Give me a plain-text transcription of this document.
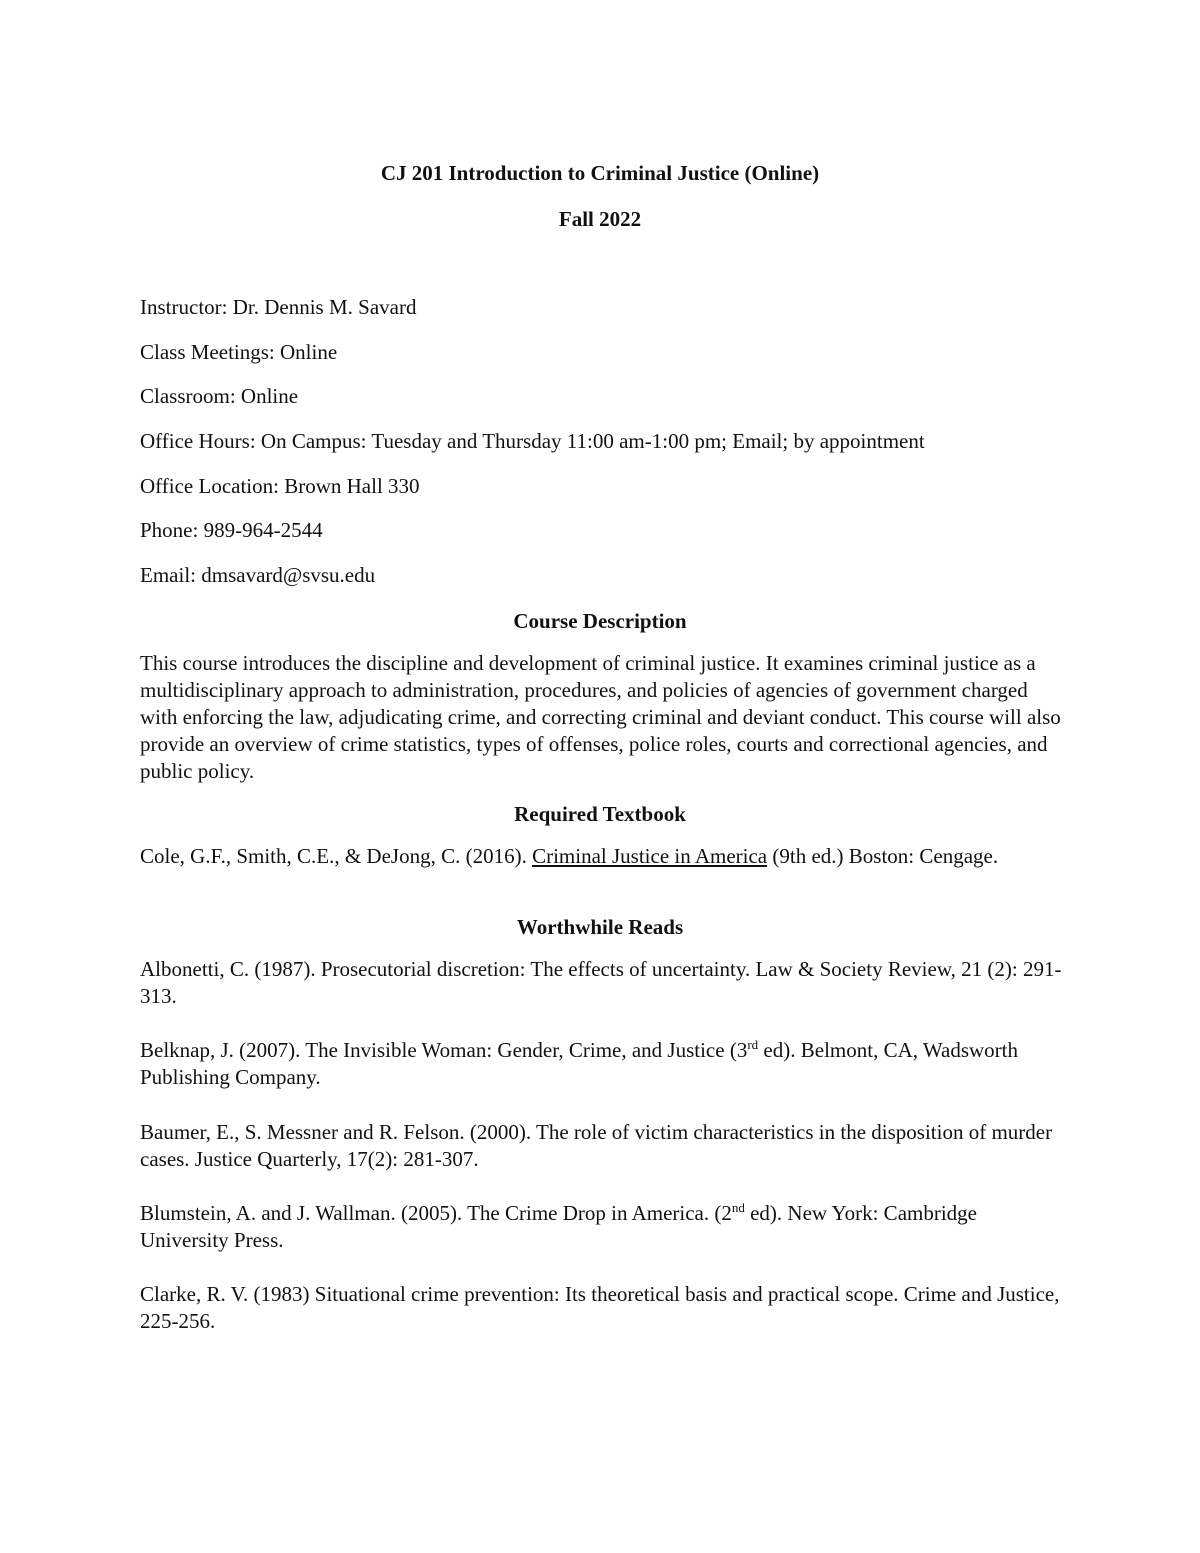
CJ 201 Introduction to Criminal Justice (Online)
Fall 2022
Instructor: Dr. Dennis M. Savard
Class Meetings: Online
Classroom: Online
Office Hours: On Campus: Tuesday and Thursday 11:00 am-1:00 pm; Email; by appointment
Office Location: Brown Hall 330
Phone: 989-964-2544
Email: dmsavard@svsu.edu
Course Description
This course introduces the discipline and development of criminal justice. It examines criminal justice as a multidisciplinary approach to administration, procedures, and policies of agencies of government charged with enforcing the law, adjudicating crime, and correcting criminal and deviant conduct. This course will also provide an overview of crime statistics, types of offenses, police roles, courts and correctional agencies, and public policy.
Required Textbook
Cole, G.F., Smith, C.E., & DeJong, C. (2016). Criminal Justice in America (9th ed.) Boston: Cengage.
Worthwhile Reads
Albonetti, C. (1987). Prosecutorial discretion: The effects of uncertainty. Law & Society Review, 21 (2): 291-313.
Belknap, J. (2007). The Invisible Woman: Gender, Crime, and Justice (3rd ed). Belmont, CA, Wadsworth Publishing Company.
Baumer, E., S. Messner and R. Felson. (2000). The role of victim characteristics in the disposition of murder cases. Justice Quarterly, 17(2): 281-307.
Blumstein, A. and J. Wallman. (2005). The Crime Drop in America. (2nd ed). New York: Cambridge University Press.
Clarke, R. V. (1983) Situational crime prevention: Its theoretical basis and practical scope. Crime and Justice, 225-256.
